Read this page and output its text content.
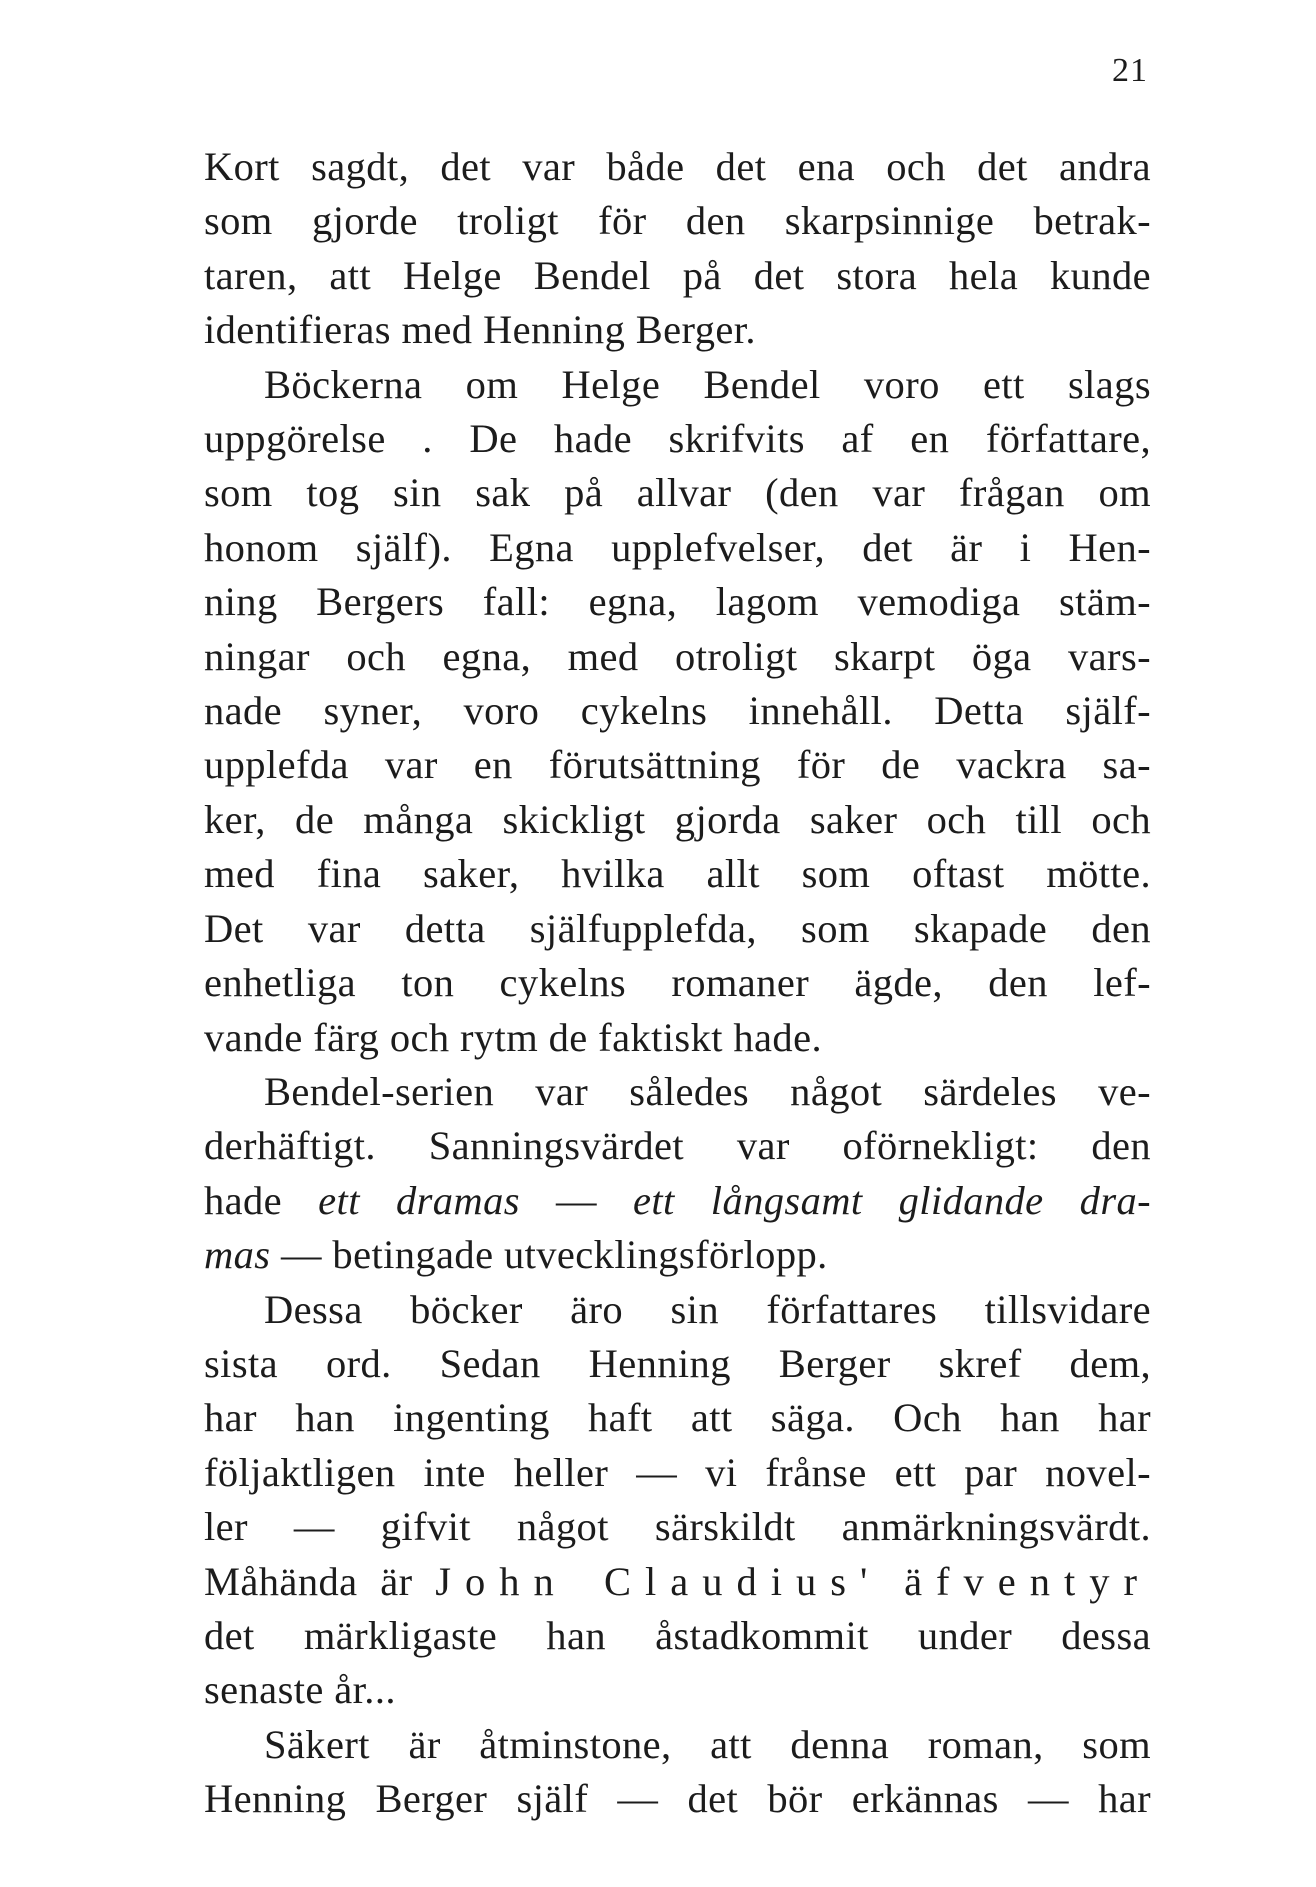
21

Kort sagdt, det var både det ena och det andra
som gjorde troligt för den skarpsinnige betrak-
taren, att Helge Bendel på det stora hela kunde
identifieras med Henning Berger.

Böckerna om Helge Bendel voro ett slags
uppgörelse . De hade skrifvits af en författare,
som tog sin sak på allvar (den var frågan om
honom själf). Egna upplefvelser, det är i Hen-
ning Bergers fall: egna, lagom vemodiga stäm-
ningar och egna, med otroligt skarpt öga vars-
nade syner, voro cykelns innehåll. Detta själf-
upplefda var en förutsättning för de vackra sa-
ker, de många skickligt gjorda saker och till och
med fina saker, hvilka allt som oftast mötte.
Det var detta själfupplefda, som skapade den
enhetliga ton cykelns romaner ägde, den lef-
vande färg och rytm de faktiskt hade.

Bendel-serien var således något särdeles ve-
derhäftigt. Sanningsvärdet var oförnekligt: den
hade ett dramas — ett långsamt glidande dra-
mas — betingade utvecklingsförlopp.

Dessa böcker äro sin författares tillsvidare
sista ord. Sedan Henning Berger skref dem,
har han ingenting haft att säga. Och han har
följaktligen inte heller — vi frånse ett par novel-
ler — gifvit något särskildt anmärkningsvärdt.
Måhända är John Claudius' äfventyr
det märkligaste han åstadkommit under dessa
senaste år...

Säkert är åtminstone, att denna roman, som
Henning Berger själf — det bör erkännas — har
